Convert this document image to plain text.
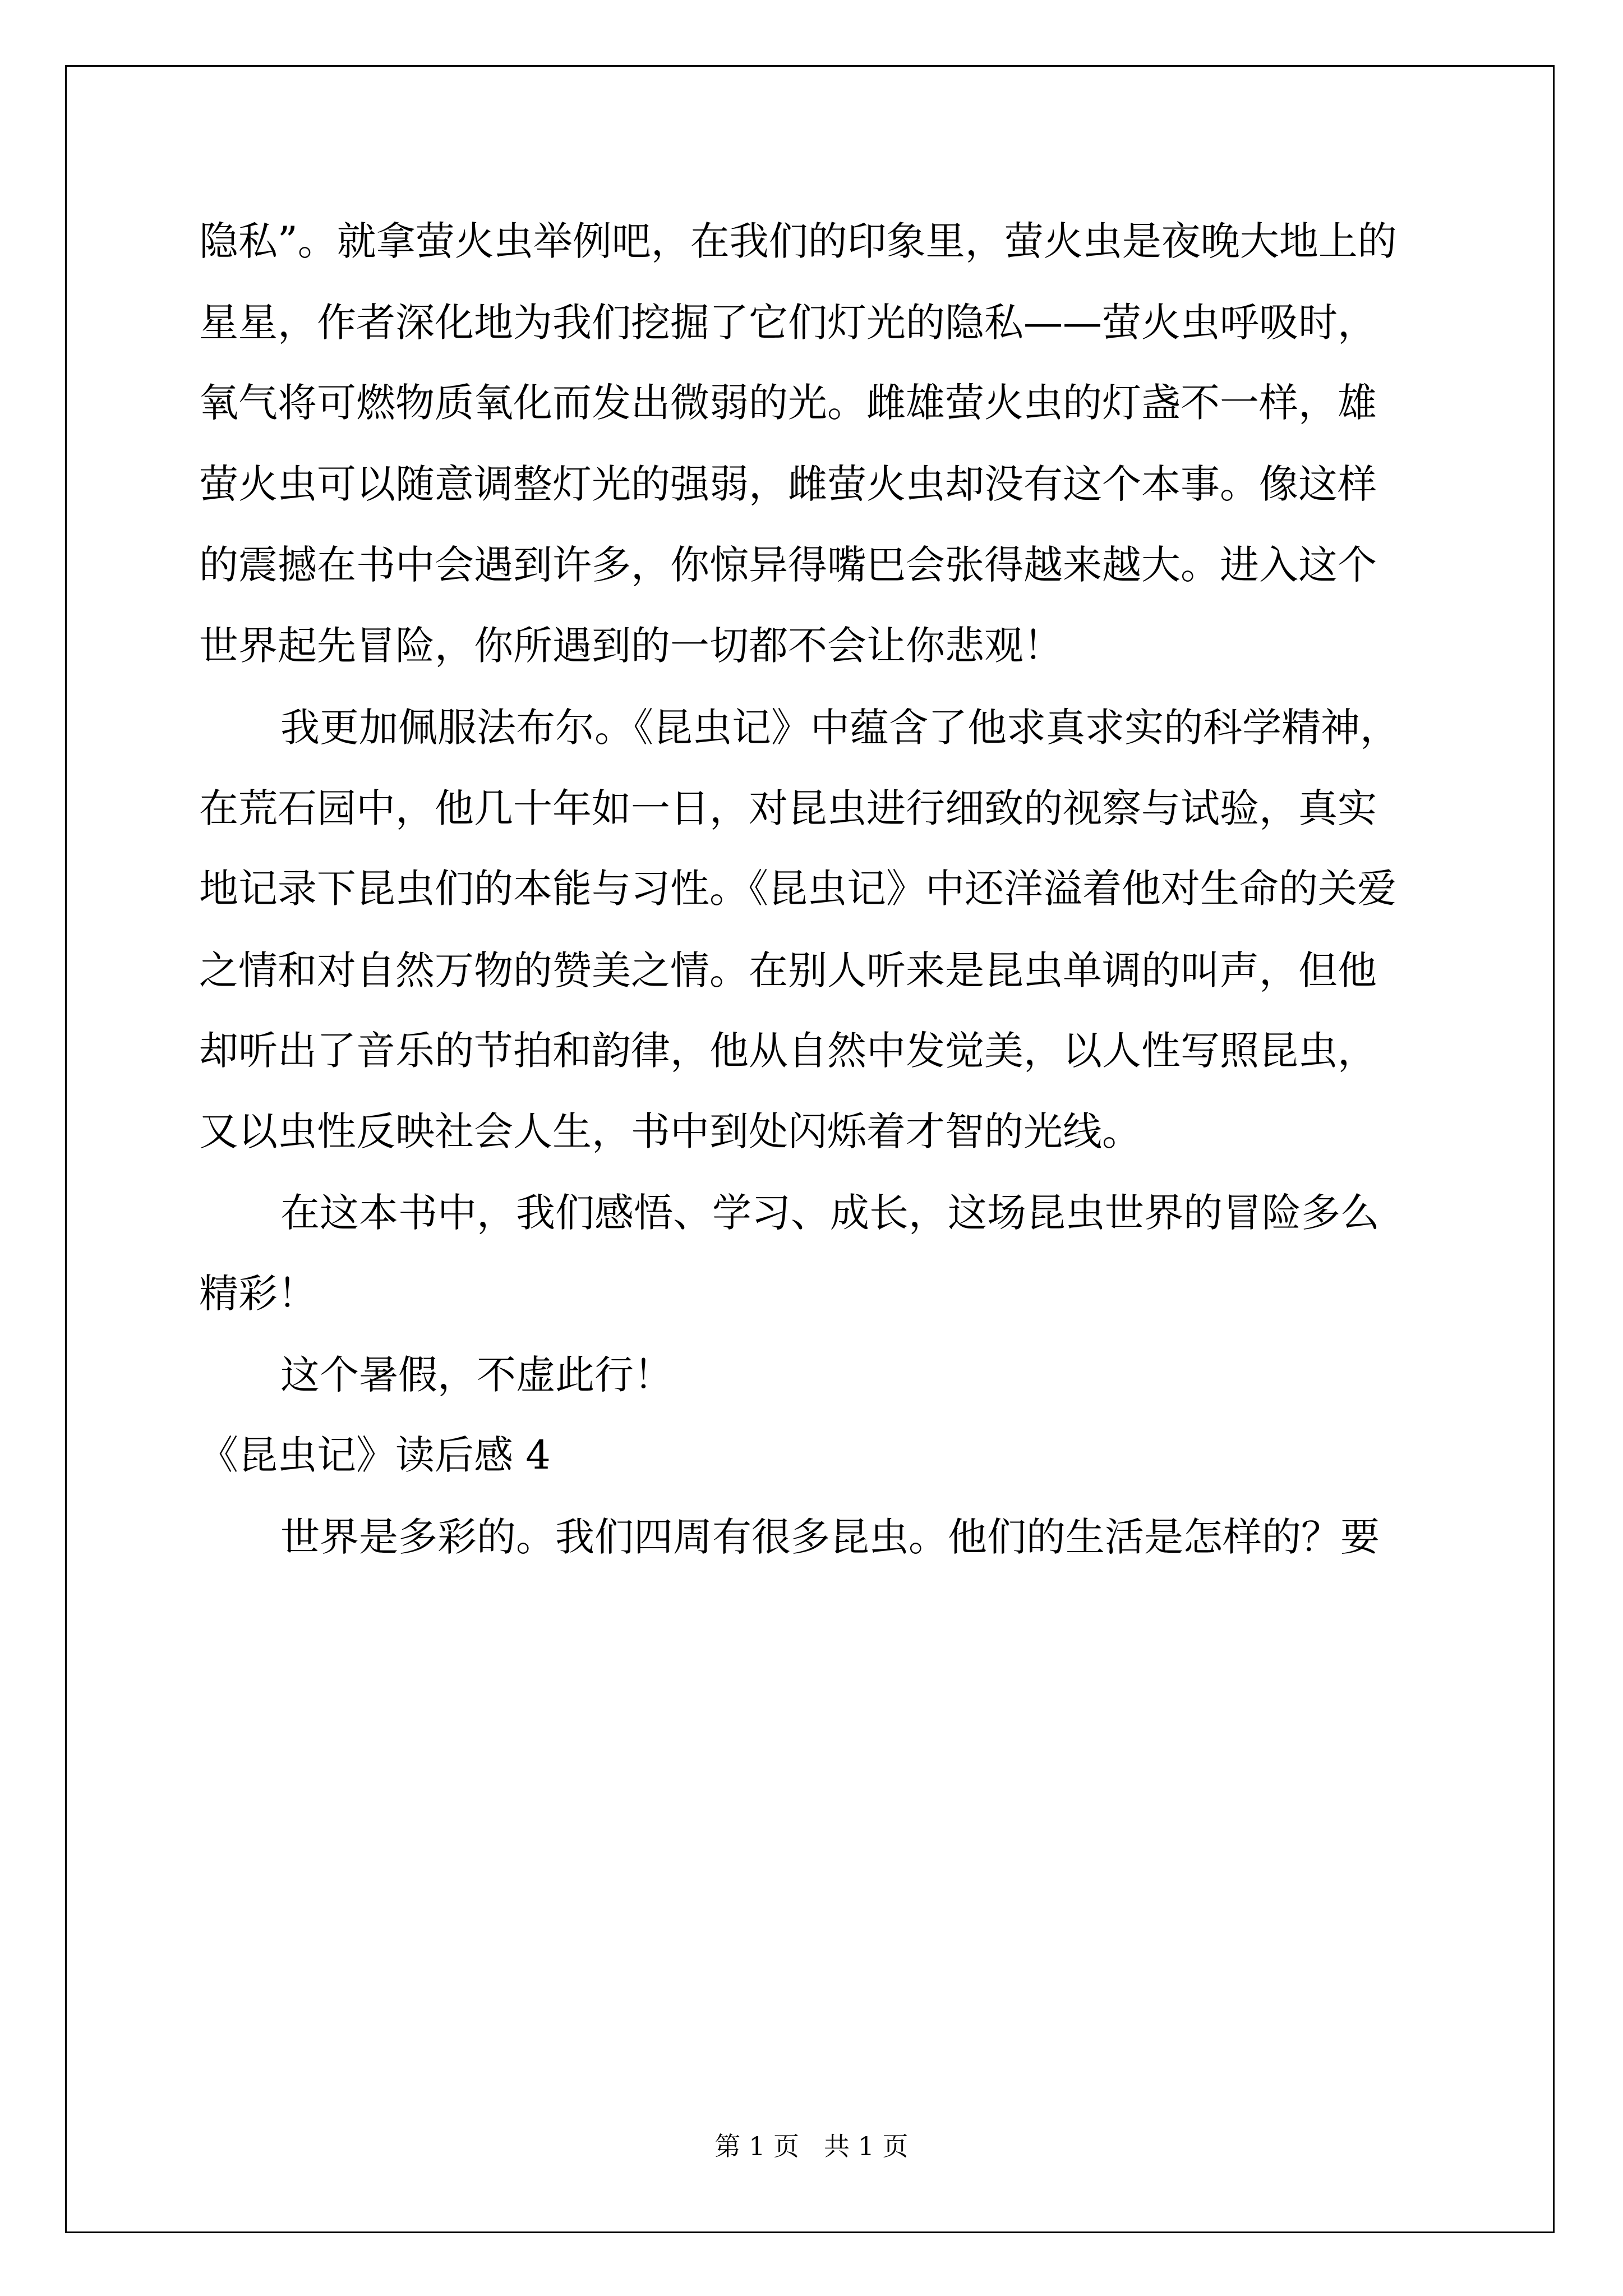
隐私”。就拿萤火虫举例吧，在我们的印象里，萤火虫是夜晚大地上的

星星，作者深化地为我们挖掘了它们灯光的隐私——萤火虫呼吸时，

氧气将可燃物质氧化而发出微弱的光。雌雄萤火虫的灯盏不一样，雄

萤火虫可以随意调整灯光的强弱，雌萤火虫却没有这个本事。像这样

的震撼在书中会遇到许多，你惊异得嘴巴会张得越来越大。进入这个

世界起先冒险，你所遇到的一切都不会让你悲观！

我更加佩服法布尔。《昆虫记》中蕴含了他求真求实的科学精神，

在荒石园中，他几十年如一日，对昆虫进行细致的视察与试验，真实

地记录下昆虫们的本能与习性。《昆虫记》中还洋溢着他对生命的关爱

之情和对自然万物的赞美之情。在别人听来是昆虫单调的叫声，但他

却听出了音乐的节拍和韵律，他从自然中发觉美，以人性写照昆虫，

又以虫性反映社会人生，书中到处闪烁着才智的光线。

在这本书中，我们感悟、学习、成长，这场昆虫世界的冒险多么

精彩！

这个暑假，不虚此行！

《昆虫记》读后感 4

世界是多彩的。我们四周有很多昆虫。他们的生活是怎样的？要

第 1 页 共 1 页
